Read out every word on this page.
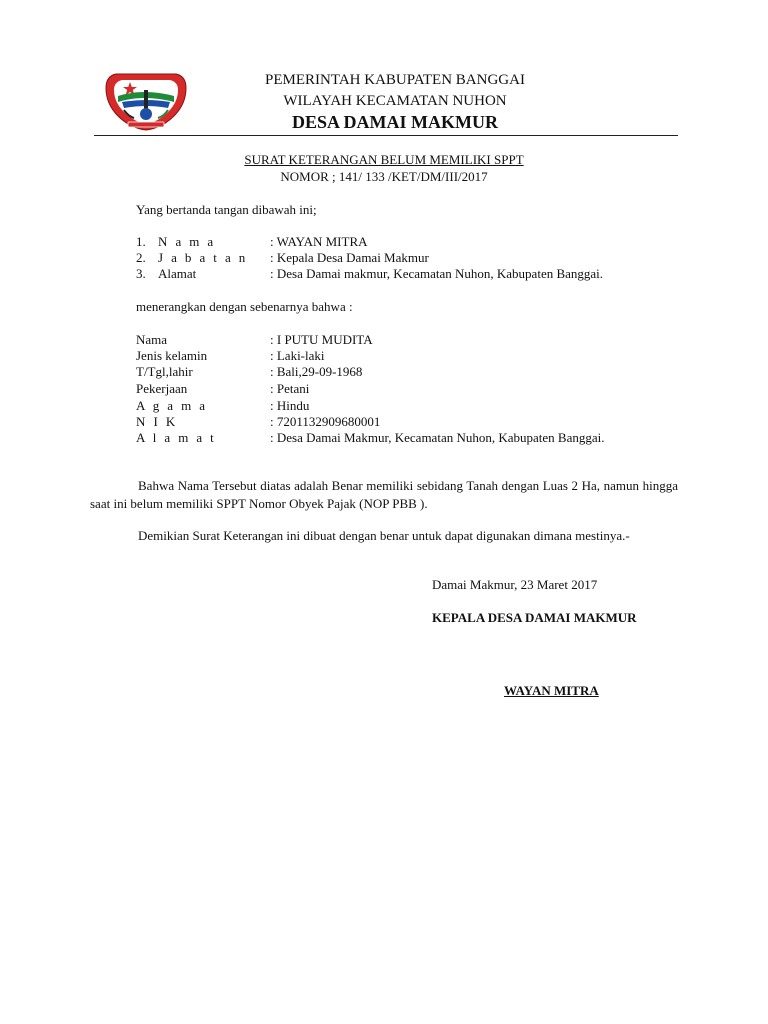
PEMERINTAH KABUPATEN BANGGAI
WILAYAH KECAMATAN NUHON
DESA DAMAI MAKMUR
SURAT KETERANGAN BELUM MEMILIKI SPPT
NOMOR ; 141/ 133 /KET/DM/III/2017
Yang bertanda tangan dibawah ini;
1. N a m a	: WAYAN MITRA
2. J a b a t a n : Kepala Desa Damai Makmur
3. Alamat	: Desa Damai makmur, Kecamatan Nuhon, Kabupaten Banggai.
menerangkan dengan sebenarnya bahwa :
Nama	: I PUTU MUDITA
Jenis kelamin	: Laki-laki
T/Tgl,lahir	: Bali,29-09-1968
Pekerjaan	: Petani
A g a m a	: Hindu
N I K	: 7201132909680001
A l a m a t	: Desa Damai Makmur, Kecamatan Nuhon, Kabupaten Banggai.
Bahwa Nama Tersebut diatas adalah Benar memiliki sebidang Tanah dengan Luas 2 Ha, namun hingga saat ini belum memiliki SPPT Nomor Obyek Pajak (NOP PBB ).
Demikian Surat Keterangan ini dibuat dengan benar untuk dapat digunakan dimana mestinya.-
Damai Makmur, 23 Maret 2017
KEPALA DESA DAMAI MAKMUR
WAYAN MITRA
